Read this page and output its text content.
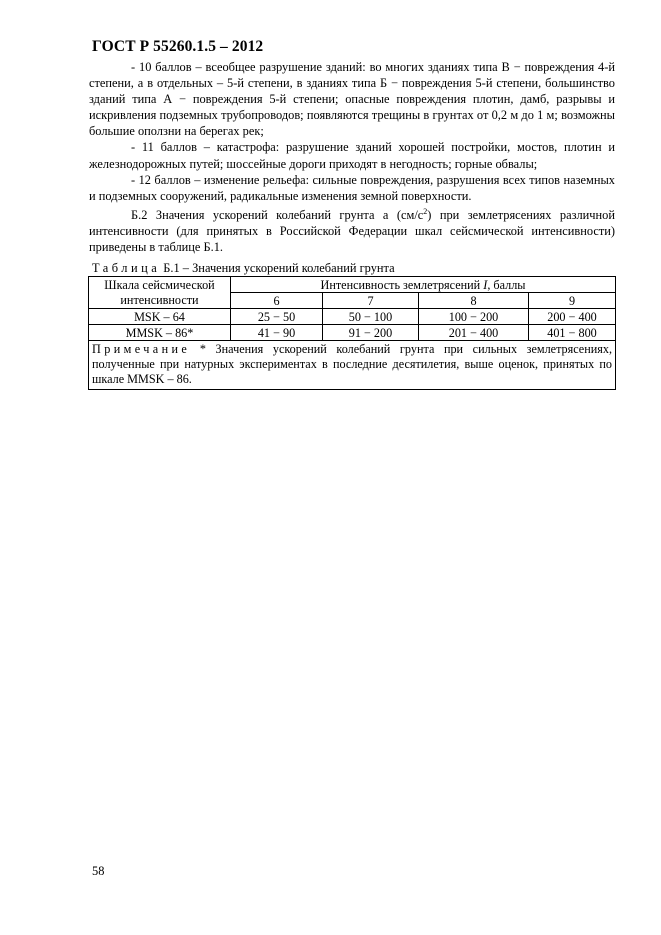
ГОСТ Р 55260.1.5 – 2012

- 10 баллов – всеобщее разрушение зданий: во многих зданиях типа В − повреждения 4-й степени, а в отдельных – 5-й степени, в зданиях типа Б − повреждения 5-й степени, большинство зданий типа А − повреждения 5-й степени; опасные повреждения плотин, дамб, разрывы и искривления подземных трубопроводов; появляются трещины в грунтах от 0,2 м до 1 м; возможны большие оползни на берегах рек;

- 11 баллов – катастрофа: разрушение зданий хорошей постройки, мостов, плотин и железнодорожных путей; шоссейные дороги приходят в негодность; горные обвалы;

- 12 баллов – изменение рельефа: сильные повреждения, разрушения всех типов наземных и подземных сооружений, радикальные изменения земной поверхности.

Б.2 Значения ускорений колебаний грунта а $(см/с^2)$ при землетрясениях различной интенсивности (для принятых в Российской Федерации шкал сейсмической интенсивности) приведены в таблице Б.1.

Таблица Б.1 – Значения ускорений колебаний грунта
Шкала сейсмической интенсивности	Интенсивность землетрясений I, баллы			
	6	7	8	9
MSK – 64	25 − 50	50 − 100	100 − 200	200 − 400
MMSK – 86*	41 − 90	91 − 200	201 − 400	401 − 800
Примечание * Значения ускорений колебаний грунта при сильных землетрясениях, полученные при натурных экспериментах в последние десятилетия, выше оценок, принятых по шкале MMSK – 86.				
58
